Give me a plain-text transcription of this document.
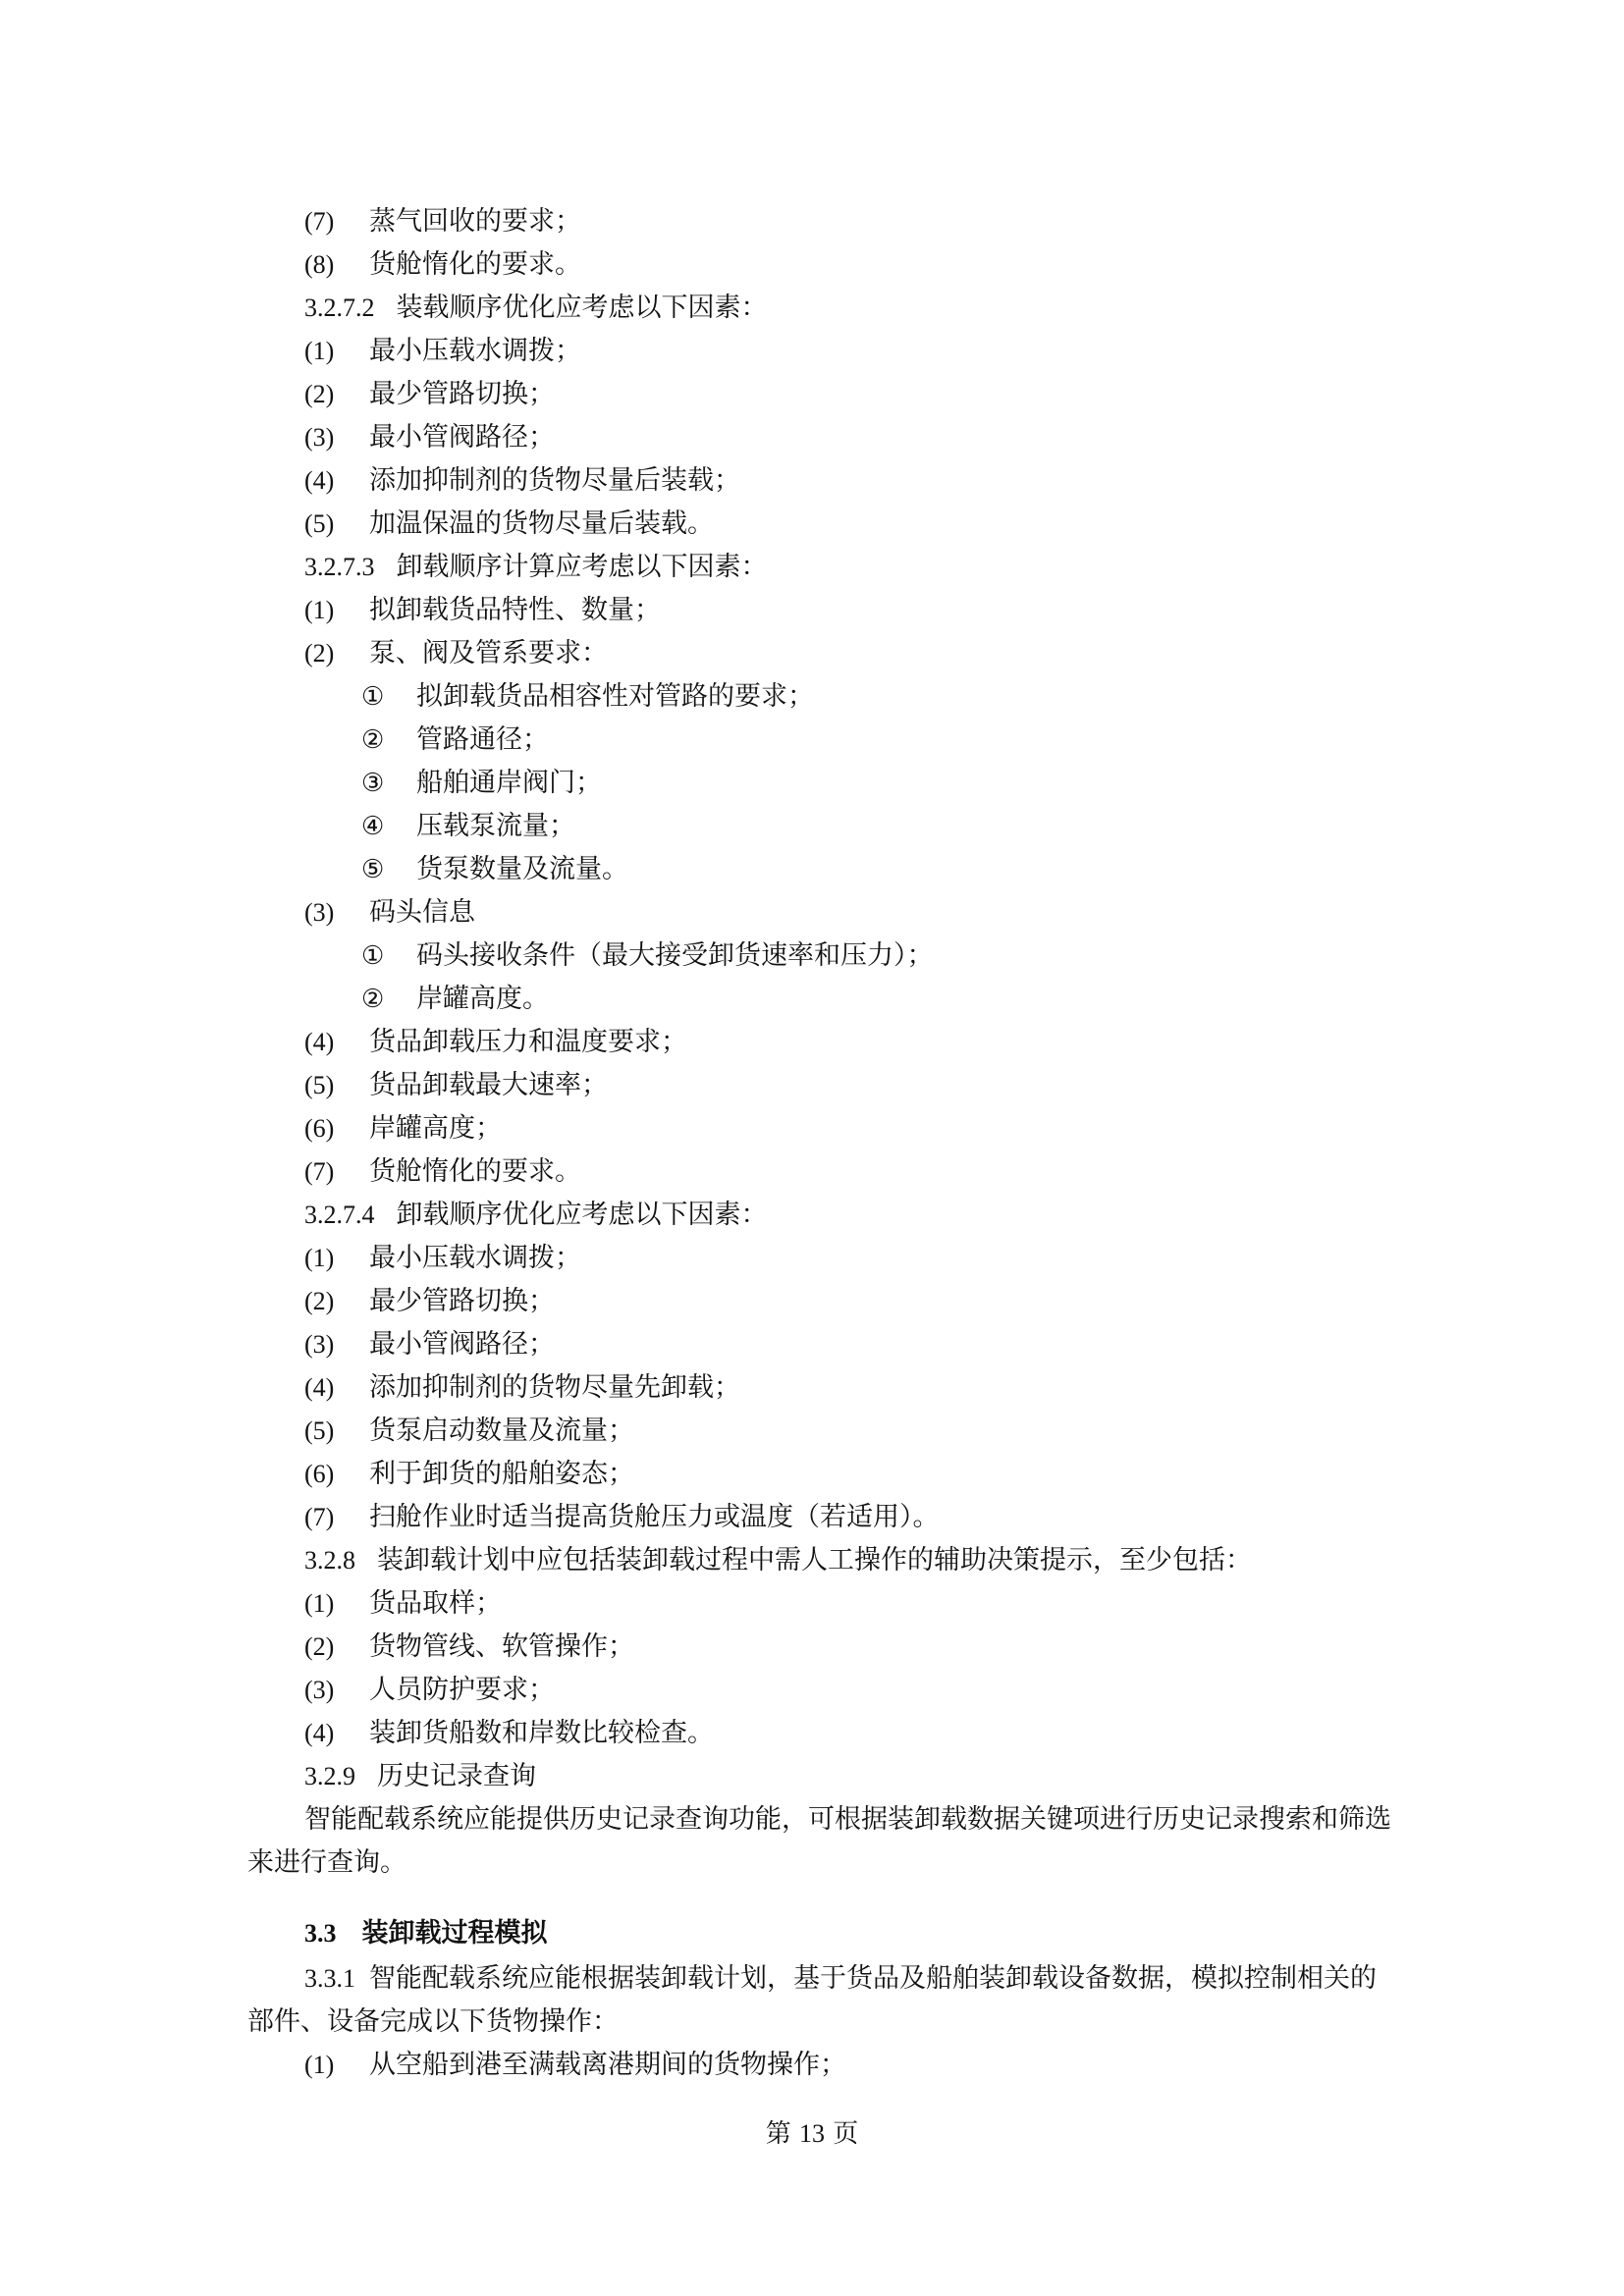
(7) 蒸气回收的要求；
(8) 货舱惰化的要求。
3.2.7.2 装载顺序优化应考虑以下因素：
(1) 最小压载水调拨；
(2) 最少管路切换；
(3) 最小管阀路径；
(4) 添加抑制剂的货物尽量后装载；
(5) 加温保温的货物尽量后装载。
3.2.7.3 卸载顺序计算应考虑以下因素：
(1) 拟卸载货品特性、数量；
(2) 泵、阀及管系要求：
① 拟卸载货品相容性对管路的要求；
② 管路通径；
③ 船舶通岸阀门；
④ 压载泵流量；
⑤ 货泵数量及流量。
(3) 码头信息
① 码头接收条件（最大接受卸货速率和压力）；
② 岸罐高度。
(4) 货品卸载压力和温度要求；
(5) 货品卸载最大速率；
(6) 岸罐高度；
(7) 货舱惰化的要求。
3.2.7.4 卸载顺序优化应考虑以下因素：
(1) 最小压载水调拨；
(2) 最少管路切换；
(3) 最小管阀路径；
(4) 添加抑制剂的货物尽量先卸载；
(5) 货泵启动数量及流量；
(6) 利于卸货的船舶姿态；
(7) 扫舱作业时适当提高货舱压力或温度（若适用）。
3.2.8 装卸载计划中应包括装卸载过程中需人工操作的辅助决策提示，至少包括：
(1) 货品取样；
(2) 货物管线、软管操作；
(3) 人员防护要求；
(4) 装卸货船数和岸数比较检查。
3.2.9 历史记录查询
智能配载系统应能提供历史记录查询功能，可根据装卸载数据关键项进行历史记录搜索和筛选来进行查询。
3.3 装卸载过程模拟
3.3.1 智能配载系统应能根据装卸载计划，基于货品及船舶装卸载设备数据，模拟控制相关的部件、设备完成以下货物操作：
(1) 从空船到港至满载离港期间的货物操作；
第 13 页
